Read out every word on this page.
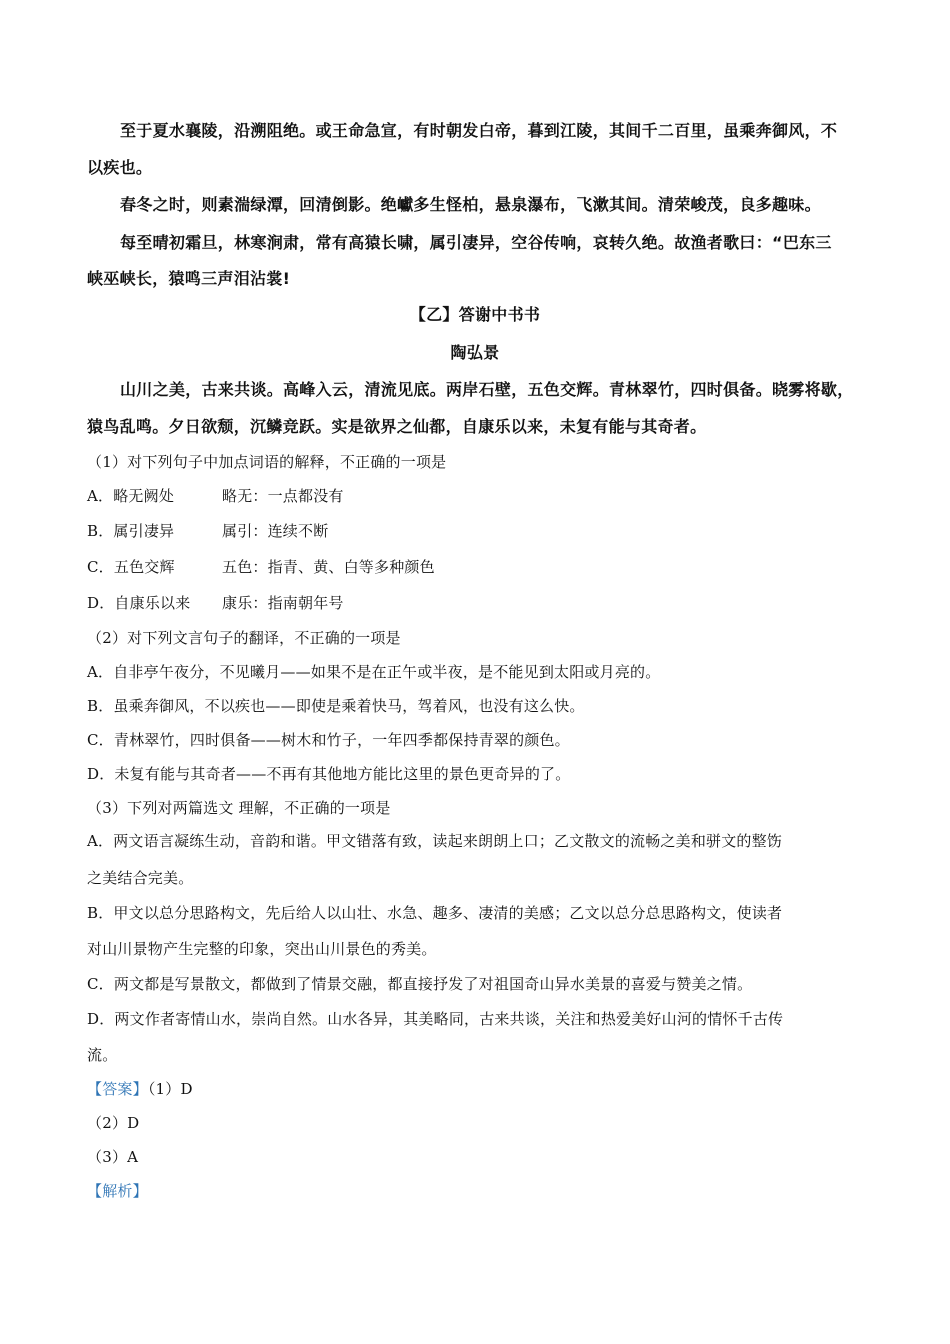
至于夏水襄陵，沿溯阻绝。或王命急宣，有时朝发白帝，暮到江陵，其间千二百里，虽乘奔御风，不
以疾也。
春冬之时，则素湍绿潭，回清倒影。绝巘多生怪柏，悬泉瀑布，飞漱其间。清荣峻茂，良多趣味。
每至晴初霜旦，林寒涧肃，常有高猿长啸，属引凄异，空谷传响，哀转久绝。故渔者歌曰：“巴东三
峡巫峡长，猿鸣三声泪沾裳!
【乙】答谢中书书
陶弘景
山川之美，古来共谈。高峰入云，清流见底。两岸石壁，五色交辉。青林翠竹，四时俱备。晓雾将歇，
猿鸟乱鸣。夕日欲颓，沉鳞竞跃。实是欲界之仙都，自康乐以来，未复有能与其奇者。
（1）对下列句子中加点词语的解释，不正确的一项是
A．略无阙处	略无：一点都没有
B．属引凄异	属引：连续不断
C．五色交辉	五色：指青、黄、白等多种颜色
D．自康乐以来 康乐：指南朝年号
（2）对下列文言句子的翻译，不正确的一项是
A．自非亭午夜分，不见曦月——如果不是在正午或半夜，是不能见到太阳或月亮的。
B．虽乘奔御风，不以疾也——即使是乘着快马，驾着风，也没有这么快。
C．青林翠竹，四时俱备——树木和竹子，一年四季都保持青翠的颜色。
D．未复有能与其奇者——不再有其他地方能比这里的景色更奇异的了。
（3）下列对两篇选文 理解，不正确的一项是
A．两文语言凝练生动，音韵和谐。甲文错落有致，读起来朗朗上口；乙文散文的流畅之美和骈文的整饬
之美结合完美。
B．甲文以总分思路构文，先后给人以山壮、水急、趣多、凄清的美感；乙文以总分总思路构文，使读者
对山川景物产生完整的印象，突出山川景色的秀美。
C．两文都是写景散文，都做到了情景交融，都直接抒发了对祖国奇山异水美景的喜爱与赞美之情。
D．两文作者寄情山水，崇尚自然。山水各异，其美略同，古来共谈，关注和热爱美好山河的情怀千古传
流。
【答案】（1）D
（2）D
（3）A
【解析】
